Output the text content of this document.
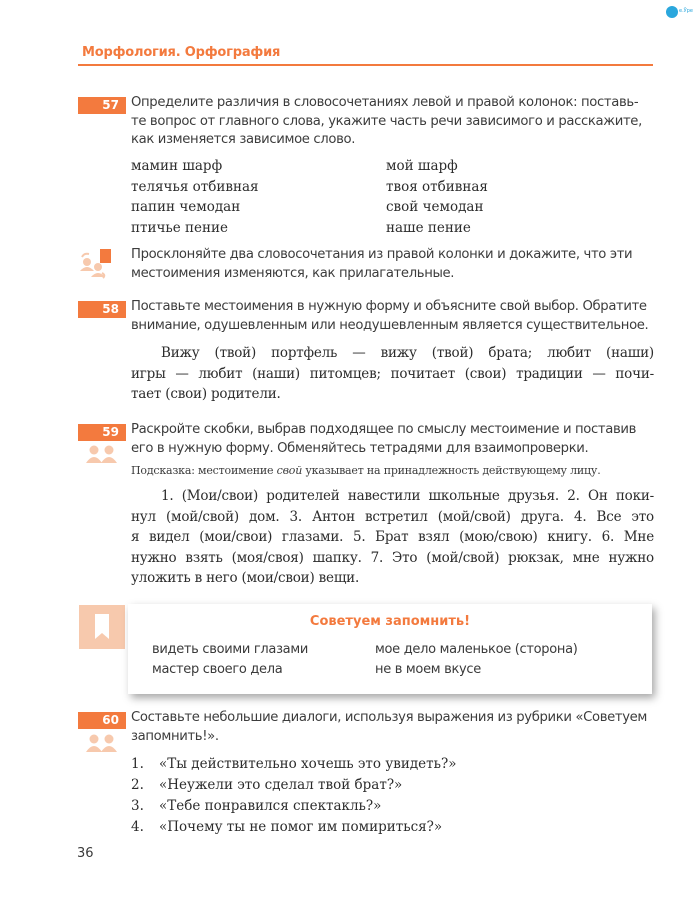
e.Ӯpe
Морфология. Орфография
57 Определите различия в словосочетаниях левой и правой колонок: поставь-
те вопрос от главного слова, укажите часть речи зависимого и расскажите,
как изменяется зависимое слово.
мамин шарф
телячья отбивная
папин чемодан
птичье пение
мой шарф
твоя отбивная
свой чемодан
наше пение
Просклоняйте два словосочетания из правой колонки и докажите, что эти
местоимения изменяются, как прилагательные.
58 Поставьте местоимения в нужную форму и объясните свой выбор. Обратите
внимание, одушевленным или неодушевленным является существительное.
Вижу (твой) портфель — вижу (твой) брата; любит (наши)
игры — любит (наши) питомцев; почитает (свои) традиции — почи-
тает (свои) родители.
59 Раскройте скобки, выбрав подходящее по смыслу местоимение и поставив
его в нужную форму. Обменяйтесь тетрадями для взаимопроверки.
Подсказка: местоимение свой указывает на принадлежность действующему лицу.
1. (Мои/свои) родителей навестили школьные друзья. 2. Он поки-
нул (мой/свой) дом. 3. Антон встретил (мой/свой) друга. 4. Все это
я видел (мои/свои) глазами. 5. Брат взял (мою/свою) книгу. 6. Мне
нужно взять (моя/своя) шапку. 7. Это (мой/свой) рюкзак, мне нужно
уложить в него (мои/свои) вещи.
Советуем запомнить!
видеть своими глазами
мастер своего дела
мое дело маленькое (сторона)
не в моем вкусе
60 Составьте небольшие диалоги, используя выражения из рубрики «Советуем
запомнить!».
1. «Ты действительно хочешь это увидеть?»
2. «Неужели это сделал твой брат?»
3. «Тебе понравился спектакль?»
4. «Почему ты не помог им помириться?»
36
